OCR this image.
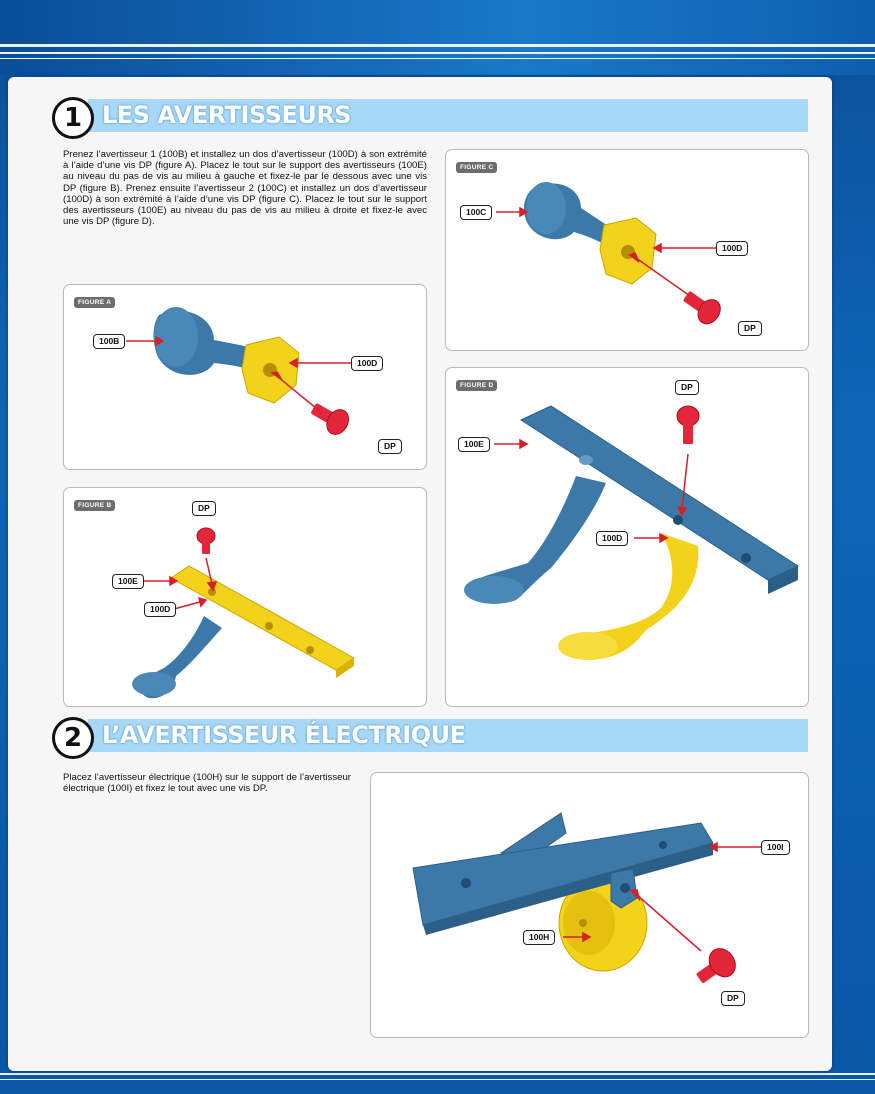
1 LES AVERTISSEURS

Prenez l’avertisseur 1 (100B) et installez un dos d’avertisseur (100D) à son extrémité à l’aide d’une vis DP (figure A). Placez le tout sur le support des avertisseurs (100E) au niveau du pas de vis au milieu à gauche et fixez-le par le dessous avec une vis DP (figure B). Prenez ensuite l’avertisseur 2 (100C) et installez un dos d’avertisseur (100D) à son extrémité à l’aide d’une vis DP (figure C). Placez le tout sur le support des avertisseurs (100E) au niveau du pas de vis au milieu à droite et fixez-le avec une vis DP (figure D).

FIGURE A
100B
100D
DP
FIGURE B	DP
100E
100D
FIGURE C
100C
100D
DP
FIGURE D	DP
100E
100D
2 L’AVERTISSEUR ÉLECTRIQUE

Placez l’avertisseur électrique (100H) sur le support de l’avertisseur électrique (100I) et fixez le tout avec une vis DP.

100I
100H
DP
